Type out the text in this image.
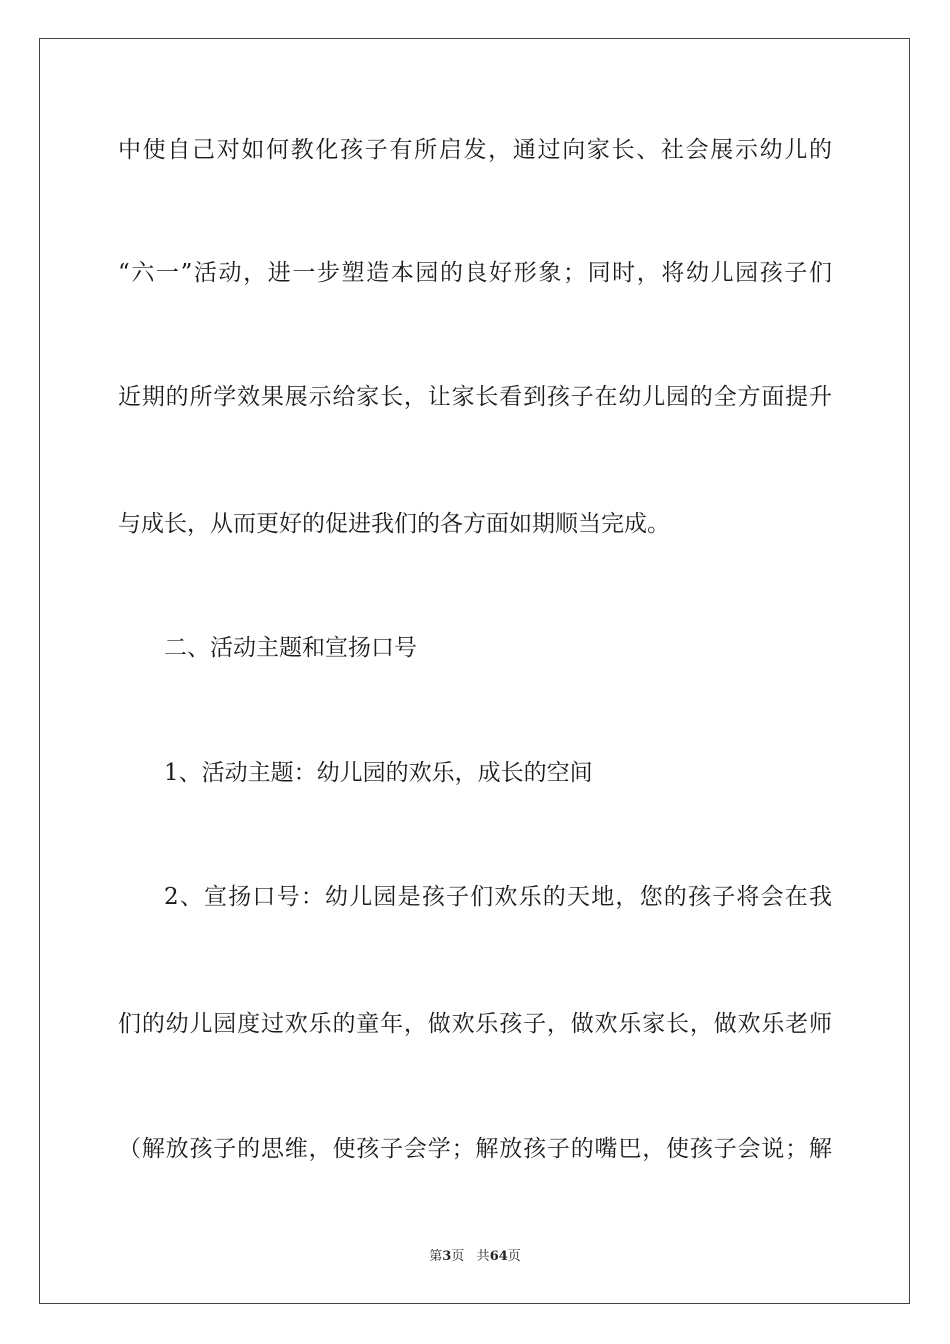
中使自己对如何教化孩子有所启发，通过向家长、社会展示幼儿的
“六一”活动，进一步塑造本园的良好形象；同时，将幼儿园孩子们
近期的所学效果展示给家长，让家长看到孩子在幼儿园的全方面提升
与成长，从而更好的促进我们的各方面如期顺当完成。
二、活动主题和宣扬口号
1、活动主题：幼儿园的欢乐，成长的空间
2、宣扬口号：幼儿园是孩子们欢乐的天地，您的孩子将会在我
们的幼儿园度过欢乐的童年，做欢乐孩子，做欢乐家长，做欢乐老师
（解放孩子的思维，使孩子会学；解放孩子的嘴巴，使孩子会说；解
第3页 共64页
